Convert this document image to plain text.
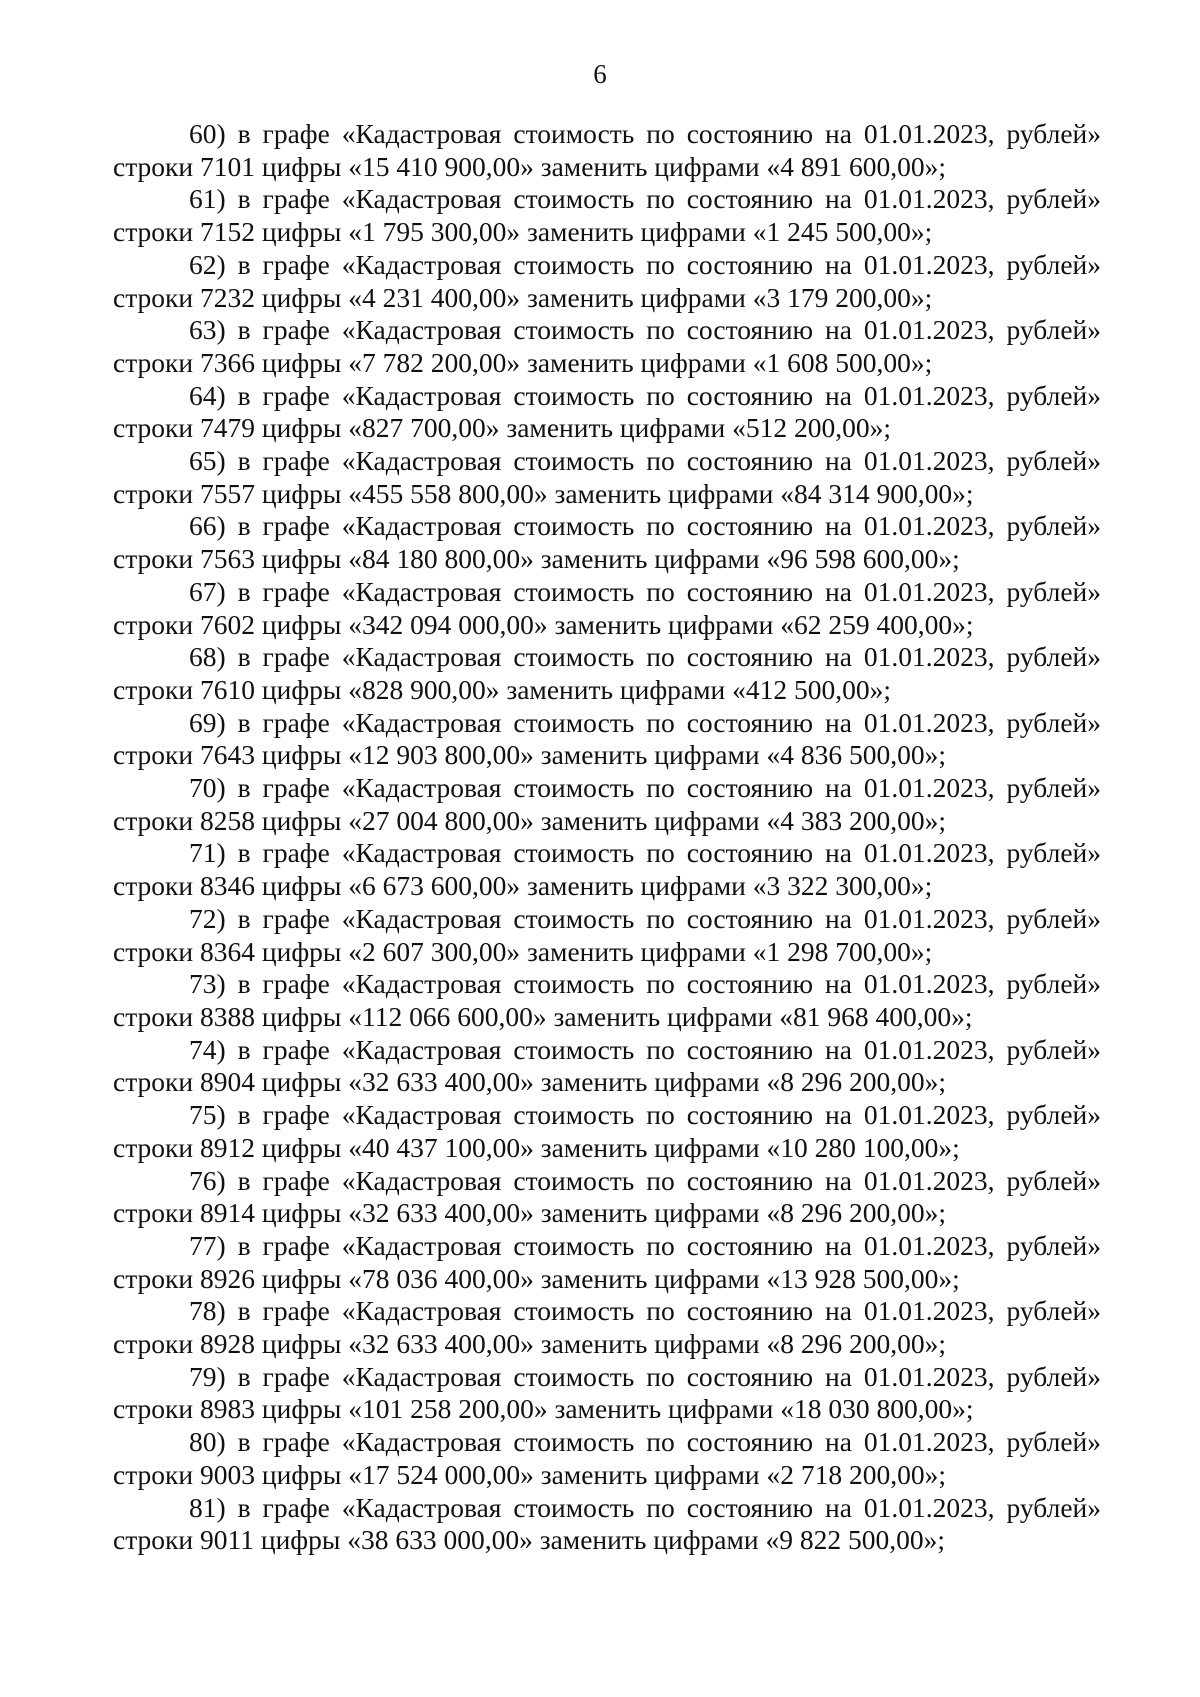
6

60) в графе «Кадастровая стоимость по состоянию на 01.01.2023, рублей»
строки 7101 цифры «15 410 900,00» заменить цифрами «4 891 600,00»;

61) в графе «Кадастровая стоимость по состоянию на 01.01.2023, рублей»
строки 7152 цифры «1 795 300,00» заменить цифрами «1 245 500,00»;

62) в графе «Кадастровая стоимость по состоянию на 01.01.2023, рублей»
строки 7232 цифры «4 231 400,00» заменить цифрами «3 179 200,00»;

63) в графе «Кадастровая стоимость по состоянию на 01.01.2023, рублей»
строки 7366 цифры «7 782 200,00» заменить цифрами «1 608 500,00»;

64) в графе «Кадастровая стоимость по состоянию на 01.01.2023, рублей»
строки 7479 цифры «827 700,00» заменить цифрами «512 200,00»;

65) в графе «Кадастровая стоимость по состоянию на 01.01.2023, рублей»
строки 7557 цифры «455 558 800,00» заменить цифрами «84 314 900,00»;

66) в графе «Кадастровая стоимость по состоянию на 01.01.2023, рублей»
строки 7563 цифры «84 180 800,00» заменить цифрами «96 598 600,00»;

67) в графе «Кадастровая стоимость по состоянию на 01.01.2023, рублей»
строки 7602 цифры «342 094 000,00» заменить цифрами «62 259 400,00»;

68) в графе «Кадастровая стоимость по состоянию на 01.01.2023, рублей»
строки 7610 цифры «828 900,00» заменить цифрами «412 500,00»;

69) в графе «Кадастровая стоимость по состоянию на 01.01.2023, рублей»
строки 7643 цифры «12 903 800,00» заменить цифрами «4 836 500,00»;

70) в графе «Кадастровая стоимость по состоянию на 01.01.2023, рублей»
строки 8258 цифры «27 004 800,00» заменить цифрами «4 383 200,00»;

71) в графе «Кадастровая стоимость по состоянию на 01.01.2023, рублей»
строки 8346 цифры «6 673 600,00» заменить цифрами «3 322 300,00»;

72) в графе «Кадастровая стоимость по состоянию на 01.01.2023, рублей»
строки 8364 цифры «2 607 300,00» заменить цифрами «1 298 700,00»;

73) в графе «Кадастровая стоимость по состоянию на 01.01.2023, рублей»
строки 8388 цифры «112 066 600,00» заменить цифрами «81 968 400,00»;

74) в графе «Кадастровая стоимость по состоянию на 01.01.2023, рублей»
строки 8904 цифры «32 633 400,00» заменить цифрами «8 296 200,00»;

75) в графе «Кадастровая стоимость по состоянию на 01.01.2023, рублей»
строки 8912 цифры «40 437 100,00» заменить цифрами «10 280 100,00»;

76) в графе «Кадастровая стоимость по состоянию на 01.01.2023, рублей»
строки 8914 цифры «32 633 400,00» заменить цифрами «8 296 200,00»;

77) в графе «Кадастровая стоимость по состоянию на 01.01.2023, рублей»
строки 8926 цифры «78 036 400,00» заменить цифрами «13 928 500,00»;

78) в графе «Кадастровая стоимость по состоянию на 01.01.2023, рублей»
строки 8928 цифры «32 633 400,00» заменить цифрами «8 296 200,00»;

79) в графе «Кадастровая стоимость по состоянию на 01.01.2023, рублей»
строки 8983 цифры «101 258 200,00» заменить цифрами «18 030 800,00»;

80) в графе «Кадастровая стоимость по состоянию на 01.01.2023, рублей»
строки 9003 цифры «17 524 000,00» заменить цифрами «2 718 200,00»;

81) в графе «Кадастровая стоимость по состоянию на 01.01.2023, рублей»
строки 9011 цифры «38 633 000,00» заменить цифрами «9 822 500,00»;
